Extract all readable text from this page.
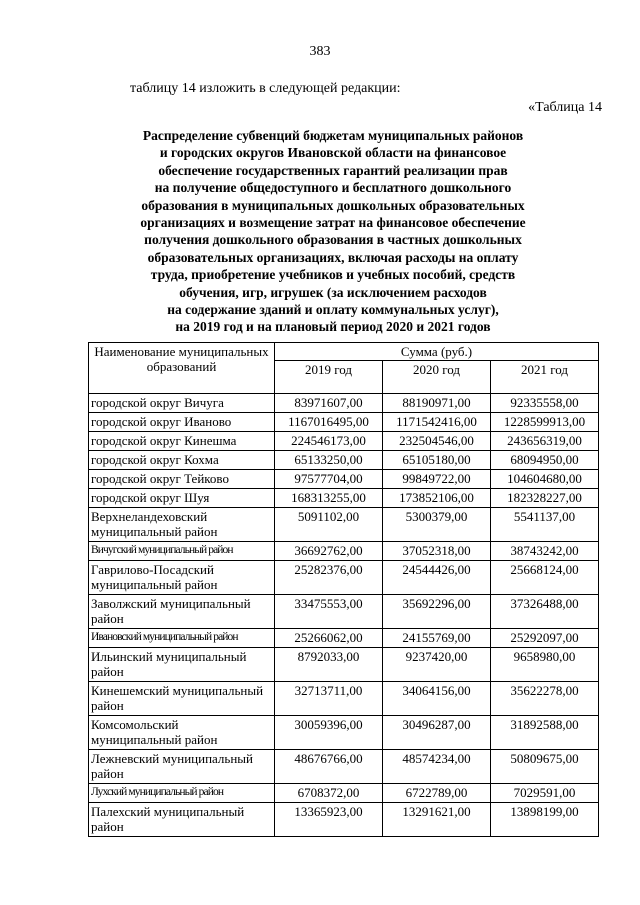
383
таблицу 14 изложить в следующей редакции:
«Таблица 14
Распределение субвенций бюджетам муниципальных районов
и городских округов Ивановской области на финансовое
обеспечение государственных гарантий реализации прав
на получение общедоступного и бесплатного дошкольного
образования в муниципальных дошкольных образовательных
организациях и возмещение затрат на финансовое обеспечение
получения дошкольного образования в частных дошкольных
образовательных организациях, включая расходы на оплату
труда, приобретение учебников и учебных пособий, средств
обучения, игр, игрушек (за исключением расходов
на содержание зданий и оплату коммунальных услуг),
на 2019 год и на плановый период 2020 и 2021 годов
Наименование муниципальных образований	Сумма (руб.)		
	2019 год	2020 год	2021 год
городской округ Вичуга	83971607,00	88190971,00	92335558,00
городской округ Иваново	1167016495,00	1171542416,00	1228599913,00
городской округ Кинешма	224546173,00	232504546,00	243656319,00
городской округ Кохма	65133250,00	65105180,00	68094950,00
городской округ Тейково	97577704,00	99849722,00	104604680,00
городской округ Шуя	168313255,00	173852106,00	182328227,00
Верхнеландеховский муниципальный район	5091102,00	5300379,00	5541137,00
Вичугский муниципальный район	36692762,00	37052318,00	38743242,00
Гаврилово-Посадский муниципальный район	25282376,00	24544426,00	25668124,00
Заволжский муниципальный район	33475553,00	35692296,00	37326488,00
Ивановский муниципальный район	25266062,00	24155769,00	25292097,00
Ильинский муниципальный район	8792033,00	9237420,00	9658980,00
Кинешемский муниципальный район	32713711,00	34064156,00	35622278,00
Комсомольский муниципальный район	30059396,00	30496287,00	31892588,00
Лежневский муниципальный район	48676766,00	48574234,00	50809675,00
Лухский муниципальный район	6708372,00	6722789,00	7029591,00
Палехский муниципальный район	13365923,00	13291621,00	13898199,00
